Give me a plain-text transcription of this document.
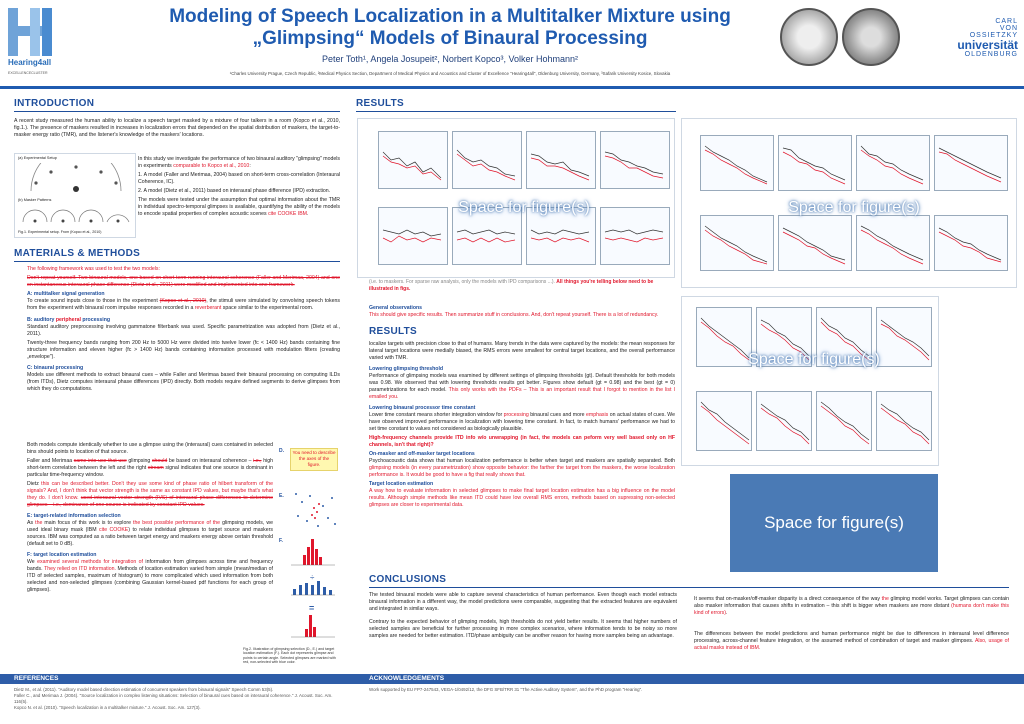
Hearing4all
EXCELLENCECLUSTER
Modeling of Speech Localization in a Multitalker Mixture using
„Glimpsing“ Models of Binaural Processing
Peter Toth¹, Angela Josupeit², Norbert Kopco³, Volker Hohmann²
¹Charles University Prague, Czech Republic, ²Medical Physics Section, Department of Medical Physics and Acoustics and Cluster of Excellence "Hearing4all", Oldenburg University, Germany, ³Safarik University Kosice, Slovakia
CARL
VON
OSSIETZKY
universität
OLDENBURG
INTRODUCTION
A recent study measured the human ability to localize a speech target masked by a mixture of four talkers in a room (Kopco et al., 2010, fig.1.). The presence of maskers resulted in increases in localization errors that depended on the spatial distribution of maskers, the target-to-masker energy ratio (TMR), and the listener's knowledge of the maskers' locations.
(a) Experimental Setup
(b) Masker Patterns
Fig.1. Experimental setup. From (Kopco et al., 2010)

In this study we investigate the performance of two binaural auditory "glimpsing" models in experiments comparable to Kopco et al., 2010:

1. A model (Faller and Merimaa, 2004) based on short-term cross-correlation (Interaural Coherence, IC).

2. A model (Dietz et al., 2011) based on interaural phase difference (IPD) extraction.

The models were tested under the assumption that optimal information about the TMR in individual spectro-temporal glimpses is available, quantifying the ability of the models to encode spatial properties of complex acoustic scenes cite COOKE IBM.

MATERIALS & METHODS

The following framework was used to test the two models:

Don't repeat yourself. Two binaural models, one based on short-term running interaural coherence (Faller and Merimaa, 2004) and one on instantaneous interaural phase difference (Dietz et al., 2011) were modified and implemented into one framework.

A: multitalker signal generation

To create sound inputs close to those in the experiment (Kopco et al., 2010), the stimuli were simulated by convolving speech tokens from the experiment with binaural room impulse responses recorded in a reverberant space similar to the experimental room.

B: auditory peripheral processing

Standard auditory preprocessing involving gammatone filterbank was used. Specific parametrization was adopted from (Dietz et al., 2011).

Twenty-three frequency bands ranging from 200 Hz to 5000 Hz were divided into twelve lower (fc < 1400 Hz) bands containing fine structure information and eleven higher (fc > 1400 Hz) bands containing information processed with modulation filters (creating „envelope").

C: binaural processing

Models use different methods to extract binaural cues – while Faller and Merimaa based their binaural processing on computing ILDs (from ITDs), Dietz computes interaural phase differences (IPD) directly. Both models require defined segments to derive glimpses from which they do computations.

Both models compute identically whether to use a glimpse using the (interaural) cues contained in selected bins should points to location of that source.

Faller and Merimaa came into use that use glimpsing should be based on interaural coherence – i.e., high short-term correlation between the left and the right stream signal indicates that one source is dominant in particular time-frequency window.

Dietz this can be described better. Don't they use some kind of phase ratio of hilbert transform of the signals? And, I don't think that vector strength is the same as constant IPD values, but maybe that's what they do. I don't know. used interaural vector strength (IVS) of interaural phase differences to determine glimpses – i.e., dominance of one source is indicated by constant IPD values.

E: target-related information selection

As the main focus of this work is to explore the best possible performance of the glimpsing models, we used ideal binary mask (IBM cite COOKE) to relate individual glimpses to target source and maskers sources. IBM was computed as a ratio between target energy and maskers energy above certain threshold (default set to 0 dB).

F: target location estimation

We examined several methods for integration of information from glimpses across time and frequency bands. They relied on ITD information. Methods of location estimation varied from simple (mean/median of ITD of selected samples, maximum of histogram) to more complicated which used information from both selected and non-selected glimpses (combining Gaussian kernel-based pdf functions for each group of glimpses).

D.	You need to describe the axes of the figure.
E.
F.
÷
=
Fig.2. Illustration of glimpsing selection (D., E.) and target location estimation (F.). Each dot represents glimpse and points to certain angle. Selected glimpses are marked with red, non-selected with blue color.
RESULTS
Space for figure(s)
(i.e. to maskers. For sparse raw analysis, only the models with IPD comparisons ...). All things you're telling below need to be illustrated in figs.

General observations

This should give specific results. Then summarize stuff in conclusions. And, don't repeat yourself. There is a lot of redundancy.

RESULTS

localize targets with precision close to that of humans. Many trends in the data were captured by the models: the mean responses for lateral target locations were medially biased, the RMS errors were smallest for central target locations, and the overall performance varied with TMR.

Lowering glimpsing threshold

Performance of glimpsing models was examined by different settings of glimpsing thresholds (gt). Default thresholds for both models was 0.98. We observed that with lowering thresholds results got better. Figures show default (gt = 0.98) and the best (gt = 0) parametrizations for each model. This only works with the PDFs – This is an important result that I forgot to mention in the list I emailed you.

Lowering binaural processor time constant

Lower time constant means shorter integration window for processing binaural cues and more emphasis on actual states of cues. We have observed improved performance in localization with lowering time constant. In fact, to match humans' performance we had to set time constant to values not considered as biologically plausible.

High-frequency channels provide ITD info w/o unwrapping (in fact, the models can peform very well based only on HF channels, isn't that right)?

On-masker and off-masker target locations

Psychoacoustic data shows that human localization performance is better when target and maskers are spatially separated. Both glimpsing models (in every parametrization) show opposite behavior: the farther the target from the maskers, the worse localization performance is. It would be good to have a fig that really shows that.

Target location estimation

A way how to evaluate information in selected glimpses to make final target location estimation has a big influence on the model results. Although simple methods like mean ITD could have low overall RMS errors, methods based on supressing non-selected glimpses are closer to experimental data.

Space for figure(s)
Space for figure(s)
Space for figure(s)
CONCLUSIONS

The tested binaural models were able to capture several characteristics of human performance. Even though each model extracts binaural information in a different way, the model predictions were comparable, suggesting that the extracted features are equivalent and integrated in similar ways.

Contrary to the expected behavior of glimping models, high thresholds do not yield better results. It seems that higher numbers of selected samples are beneficial for further processing in more complex scenarios, where information tends to be noisy so more samples are needed for better estimation. ITD/phase ambiguity can be another reason for having more samples being an advantage.

It seems that on-masker/off-masker disparity is a direct consequence of the way the glimping model works. Target glimpses can contain also masker information that causes shifts in estimation – this shift is bigger when maskers are more distant (humans don't make this kind of errors).

The differences between the model predictions and human performance might be due to differences in interaural level difference processing, across-channel feature integration, or the assumed method of combination of target and masker glimpses. Also, usage of actual masks instead of IBM.

REFERENCES	ACKNOWLEDGEMENTS

Dietz M., et al. (2011). "Auditory model based direction estimation of concurrent speakers from binaural signals" Speech Comm 53(5).

Faller C., and Merimaa J. (2004). "Source localization in complex listening situations: Selection of binaural cues based on interaural coherence." J. Acoust. Soc. Am. 116(5).

Kopco N. et al. (2010). "Speech localization in a multitalker mixture." J. Acoust. Soc. Am. 127(3).

Work supported by EU FP7-247543, VEGA-1/0492/12, the DFG SFB/TRR 31 "The Active Auditory System", and the PhD program "Hearing".
